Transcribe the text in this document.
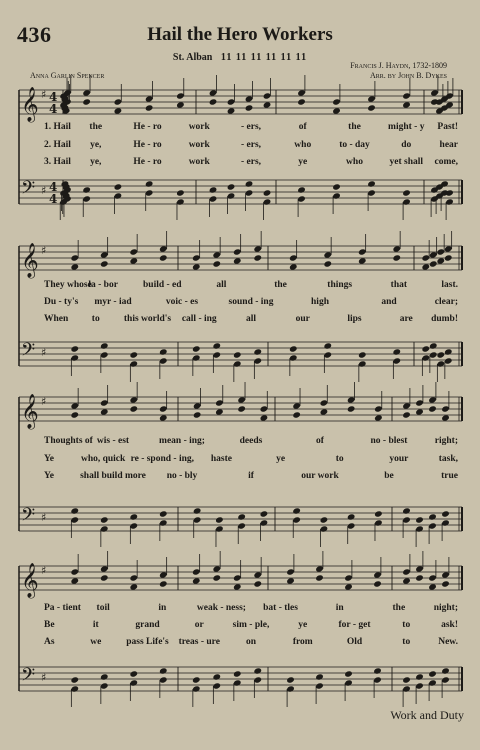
436	Hail the Hero Workers
St. Alban 11 11 11 11 11 11
Anna Garlin Spencer
Francis J. Haydn, 1732-1809
Arr. by John B. Dykes
𝄞
𝄢
♯
♯
4
4
4
4
𝄞
𝄢
♯
♯
𝄞
𝄢
♯
♯
𝄞
𝄢
♯
♯
1. Hail the	He - ro	work	- ers,	of	the	might - y Past!
2. Hail ye,	He - ro	work	- ers,	who	to - day	do	hear
3. Hail ye,	He - ro	work	- ers,	ye	who	yet shall come,
They whose
la - bor	build - ed	all	the	things	that	last.
Du - ty's myr - iad	voic - es	sound - ing	high	and	clear;
When to	this world's call - ing	all	our	lips	are dumb!
Thoughts of wis - est	mean - ing;	deeds	of	no - blest	right;
Ye	who, quick re - spond - ing, haste	ye	to	your	task,
Ye	shall build more no - bly	if	our work	be	true
Pa - tient toil	in	weak - ness; bat - tles	in	the	night;
Be	it	grand	or	sim - ple,	ye	for - get	to	ask!
As	we	pass Life's treas - ure	on	from	Old	to	New.
Work and Duty
